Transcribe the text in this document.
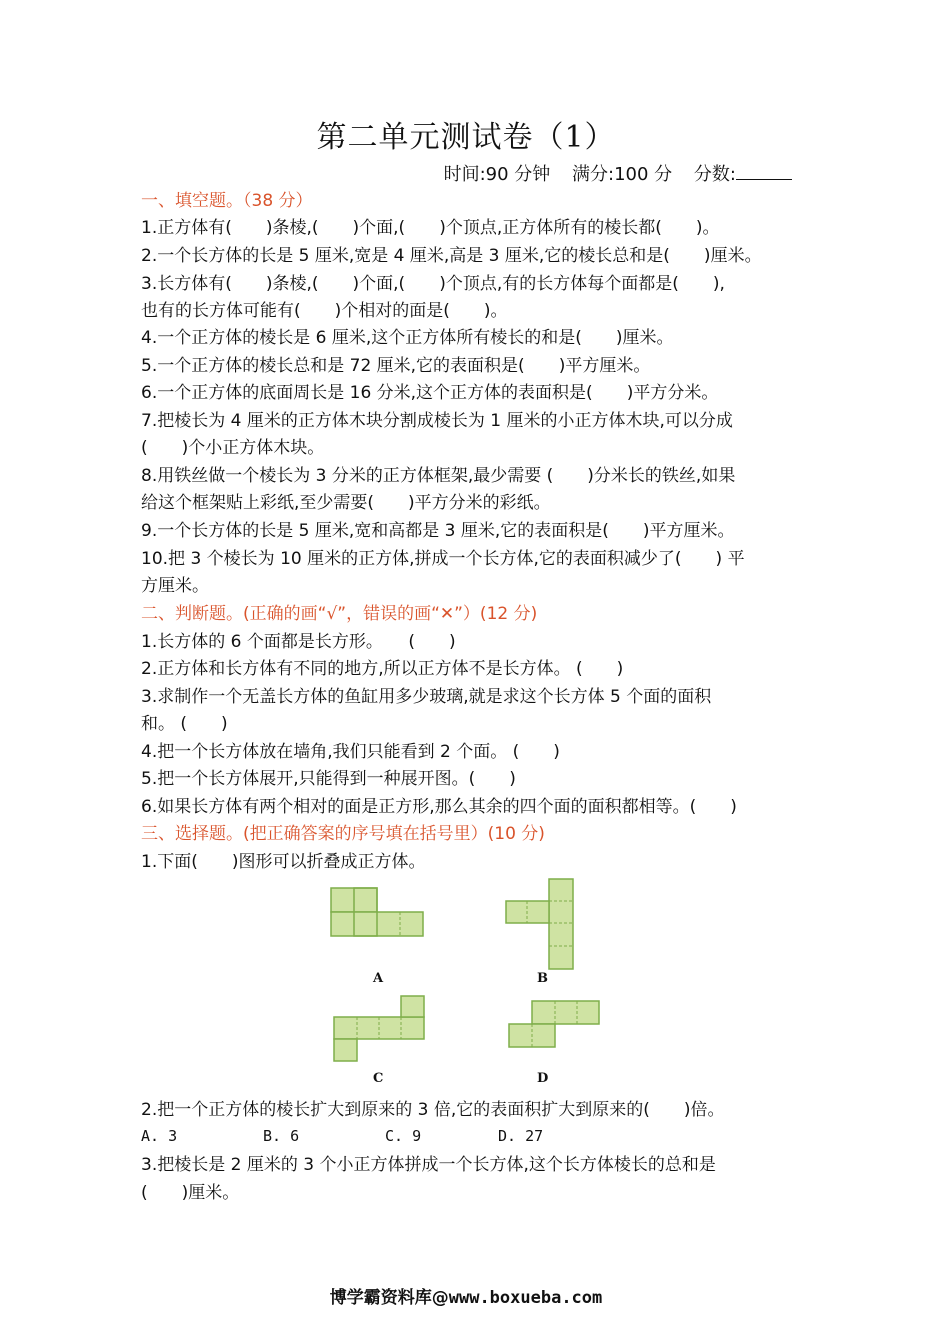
第二单元测试卷（1）
时间:90 分钟 满分:100 分 分数:
一、填空题。（38 分）
1.正方体有(　　)条棱,(　　)个面,(　　)个顶点,正方体所有的棱长都(　　)。
2.一个长方体的长是 5 厘米,宽是 4 厘米,高是 3 厘米,它的棱长总和是(　　)厘米。
3.长方体有(　　)条棱,(　　)个面,(　　)个顶点,有的长方体每个面都是(　　),
也有的长方体可能有(　　)个相对的面是(　　)。
4.一个正方体的棱长是 6 厘米,这个正方体所有棱长的和是(　　)厘米。
5.一个正方体的棱长总和是 72 厘米,它的表面积是(　　)平方厘米。
6.一个正方体的底面周长是 16 分米,这个正方体的表面积是(　　)平方分米。
7.把棱长为 4 厘米的正方体木块分割成棱长为 1 厘米的小正方体木块,可以分成
(　　)个小正方体木块。
8.用铁丝做一个棱长为 3 分米的正方体框架,最少需要 (　　)分米长的铁丝,如果
给这个框架贴上彩纸,至少需要(　　)平方分米的彩纸。
9.一个长方体的长是 5 厘米,宽和高都是 3 厘米,它的表面积是(　　)平方厘米。
10.把 3 个棱长为 10 厘米的正方体,拼成一个长方体,它的表面积减少了(　　) 平
方厘米。
二、判断题。(正确的画“√”，错误的画“✕”）(12 分)
1.长方体的 6 个面都是长方形。　　(　　)
2.正方体和长方体有不同的地方,所以正方体不是长方体。 (　　)
3.求制作一个无盖长方体的鱼缸用多少玻璃,就是求这个长方体 5 个面的面积
和。 (　　)
4.把一个长方体放在墙角,我们只能看到 2 个面。 (　　)
5.把一个长方体展开,只能得到一种展开图。(　　)
6.如果长方体有两个相对的面是正方形,那么其余的四个面的面积都相等。(　　)
三、选择题。(把正确答案的序号填在括号里）(10 分)
1.下面(　　)图形可以折叠成正方体。
A	B
C	D
2.把一个正方体的棱长扩大到原来的 3 倍,它的表面积扩大到原来的(　　)倍。
A. 3	B. 6	C. 9	D. 27
3.把棱长是 2 厘米的 3 个小正方体拼成一个长方体,这个长方体棱长的总和是
(　　)厘米。
博学霸资料库@www.boxueba.com
